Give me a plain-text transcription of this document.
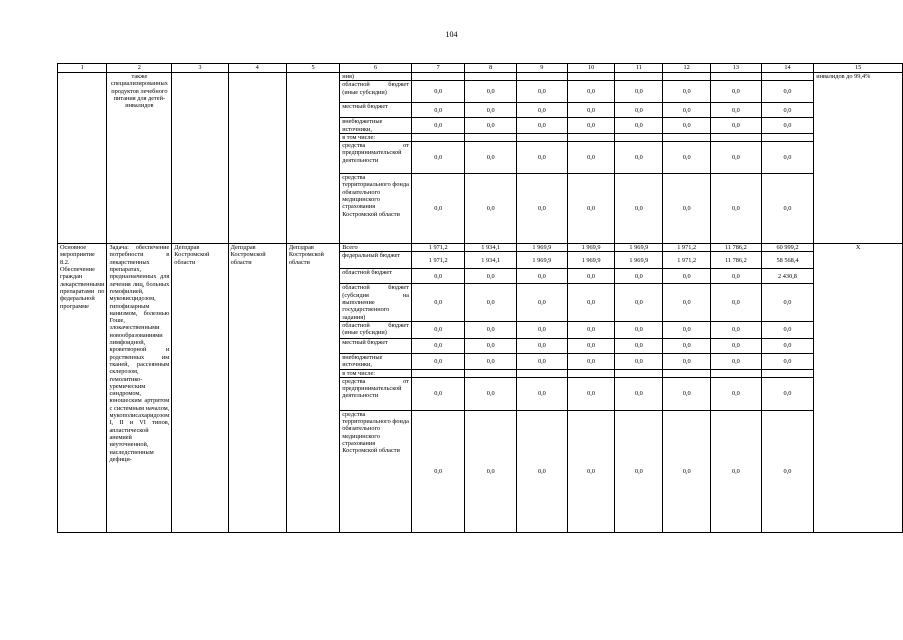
104
1	2	3	4	5	6	7	8	9	10	11	12	13	14	15
	также специализированных продуктов лечебного питания для детей-инвалидов				ния)									инвалидов до 99,4%
					областной бюджет (иные субсидии)	0,0	0,0	0,0	0,0	0,0	0,0	0,0	0,0	
					местный бюджет	0,0	0,0	0,0	0,0	0,0	0,0	0,0	0,0	
					внебюджетные источники,	0,0	0,0	0,0	0,0	0,0	0,0	0,0	0,0	
					в том числе:									
					средства от предпринимательской деятельности	0,0	0,0	0,0	0,0	0,0	0,0	0,0	0,0	
					средства территориального фонда обязательного медицинского страхования Костромской области	0,0	0,0	0,0	0,0	0,0	0,0	0,0	0,0	
Основное мероприятие 8.2. Обеспечение граждан лекарственными препаратами по федеральной программе	Задача: обеспечение потребности в лекарственных препаратах, предназначенных для лечения лиц, больных гемофилией, муковисцидозом, гипофизарным нанизмом, болезнью Гоше, злокачественными новообразованиями лимфоидной, кроветворной и родственных им тканей, рассеянным склерозом, гемолитико-уремическим синдромом, юношеским артритом с системным началом, мукополисахаридозом I, II и VI типов, апластической анемией неуточненной, наследственным дефици-	Депздрав Костромской области	Депздрав Костромской области	Депздрав Костромской области	Всего	1 971,2	1 934,1	1 969,9	1 969,9	1 969,9	1 971,2	11 786,2	60 999,2	Х
					федеральный бюджет	1 971,2	1 934,1	1 969,9	1 969,9	1 969,9	1 971,2	11 786,2	58 568,4	
					областной бюджет	0,0	0,0	0,0	0,0	0,0	0,0	0,0	2 430,8	
					областной бюджет (субсидия на выполнение государственного задания)	0,0	0,0	0,0	0,0	0,0	0,0	0,0	0,0	
					областной бюджет (иные субсидии)	0,0	0,0	0,0	0,0	0,0	0,0	0,0	0,0	
					местный бюджет	0,0	0,0	0,0	0,0	0,0	0,0	0,0	0,0	
					внебюджетные источники,	0,0	0,0	0,0	0,0	0,0	0,0	0,0	0,0	
					в том числе:									
					средства от предпринимательской деятельности	0,0	0,0	0,0	0,0	0,0	0,0	0,0	0,0	
					средства территориального фонда обязательного медицинского страхования Костромской области	0,0	0,0	0,0	0,0	0,0	0,0	0,0	0,0	
